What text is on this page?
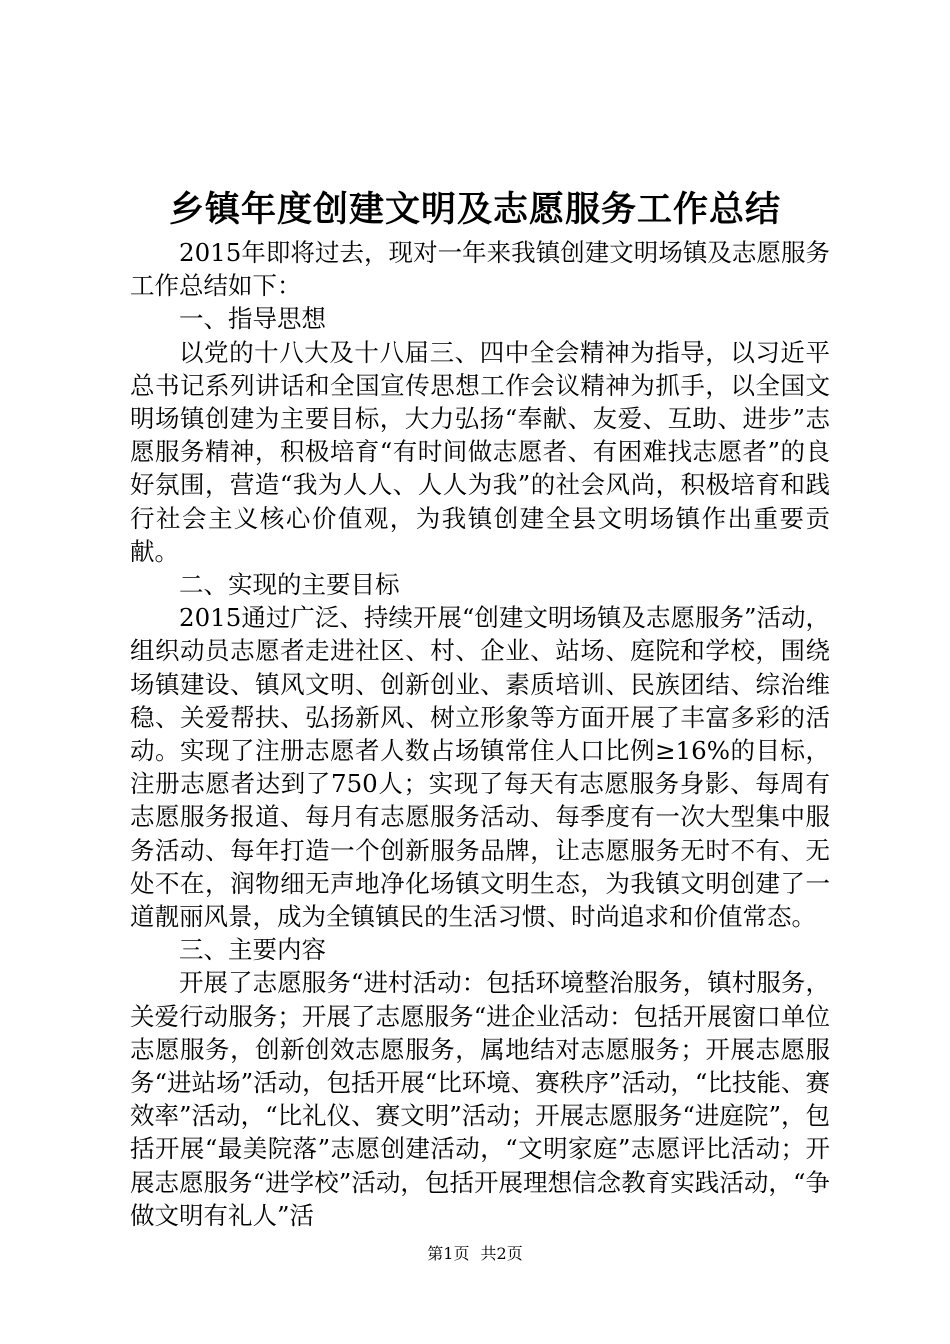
乡镇年度创建文明及志愿服务工作总结

2015年即将过去，现对一年来我镇创建文明场镇及志愿服务工作总结如下：

一、指导思想

以党的十八大及十八届三、四中全会精神为指导，以习近平总书记系列讲话和全国宣传思想工作会议精神为抓手，以全国文明场镇创建为主要目标，大力弘扬“奉献、友爱、互助、进步”志愿服务精神，积极培育“有时间做志愿者、有困难找志愿者”的良好氛围，营造“我为人人、人人为我”的社会风尚，积极培育和践行社会主义核心价值观，为我镇创建全县文明场镇作出重要贡献。

二、实现的主要目标

2015通过广泛、持续开展“创建文明场镇及志愿服务”活动，组织动员志愿者走进社区、村、企业、站场、庭院和学校，围绕场镇建设、镇风文明、创新创业、素质培训、民族团结、综治维稳、关爱帮扶、弘扬新风、树立形象等方面开展了丰富多彩的活动。实现了注册志愿者人数占场镇常住人口比例≥16%的目标，注册志愿者达到了750人；实现了每天有志愿服务身影、每周有志愿服务报道、每月有志愿服务活动、每季度有一次大型集中服务活动、每年打造一个创新服务品牌，让志愿服务无时不有、无处不在，润物细无声地净化场镇文明生态，为我镇文明创建了一道靓丽风景，成为全镇镇民的生活习惯、时尚追求和价值常态。

三、主要内容

开展了志愿服务“进村活动：包括环境整治服务，镇村服务，关爱行动服务；开展了志愿服务“进企业活动：包括开展窗口单位志愿服务，创新创效志愿服务，属地结对志愿服务；开展志愿服务“进站场”活动，包括开展“比环境、赛秩序”活动，“比技能、赛效率”活动，“比礼仪、赛文明”活动；开展志愿服务“进庭院”，包括开展“最美院落”志愿创建活动，“文明家庭”志愿评比活动；开展志愿服务“进学校”活动，包括开展理想信念教育实践活动，“争做文明有礼人”活

第1页 共2页
